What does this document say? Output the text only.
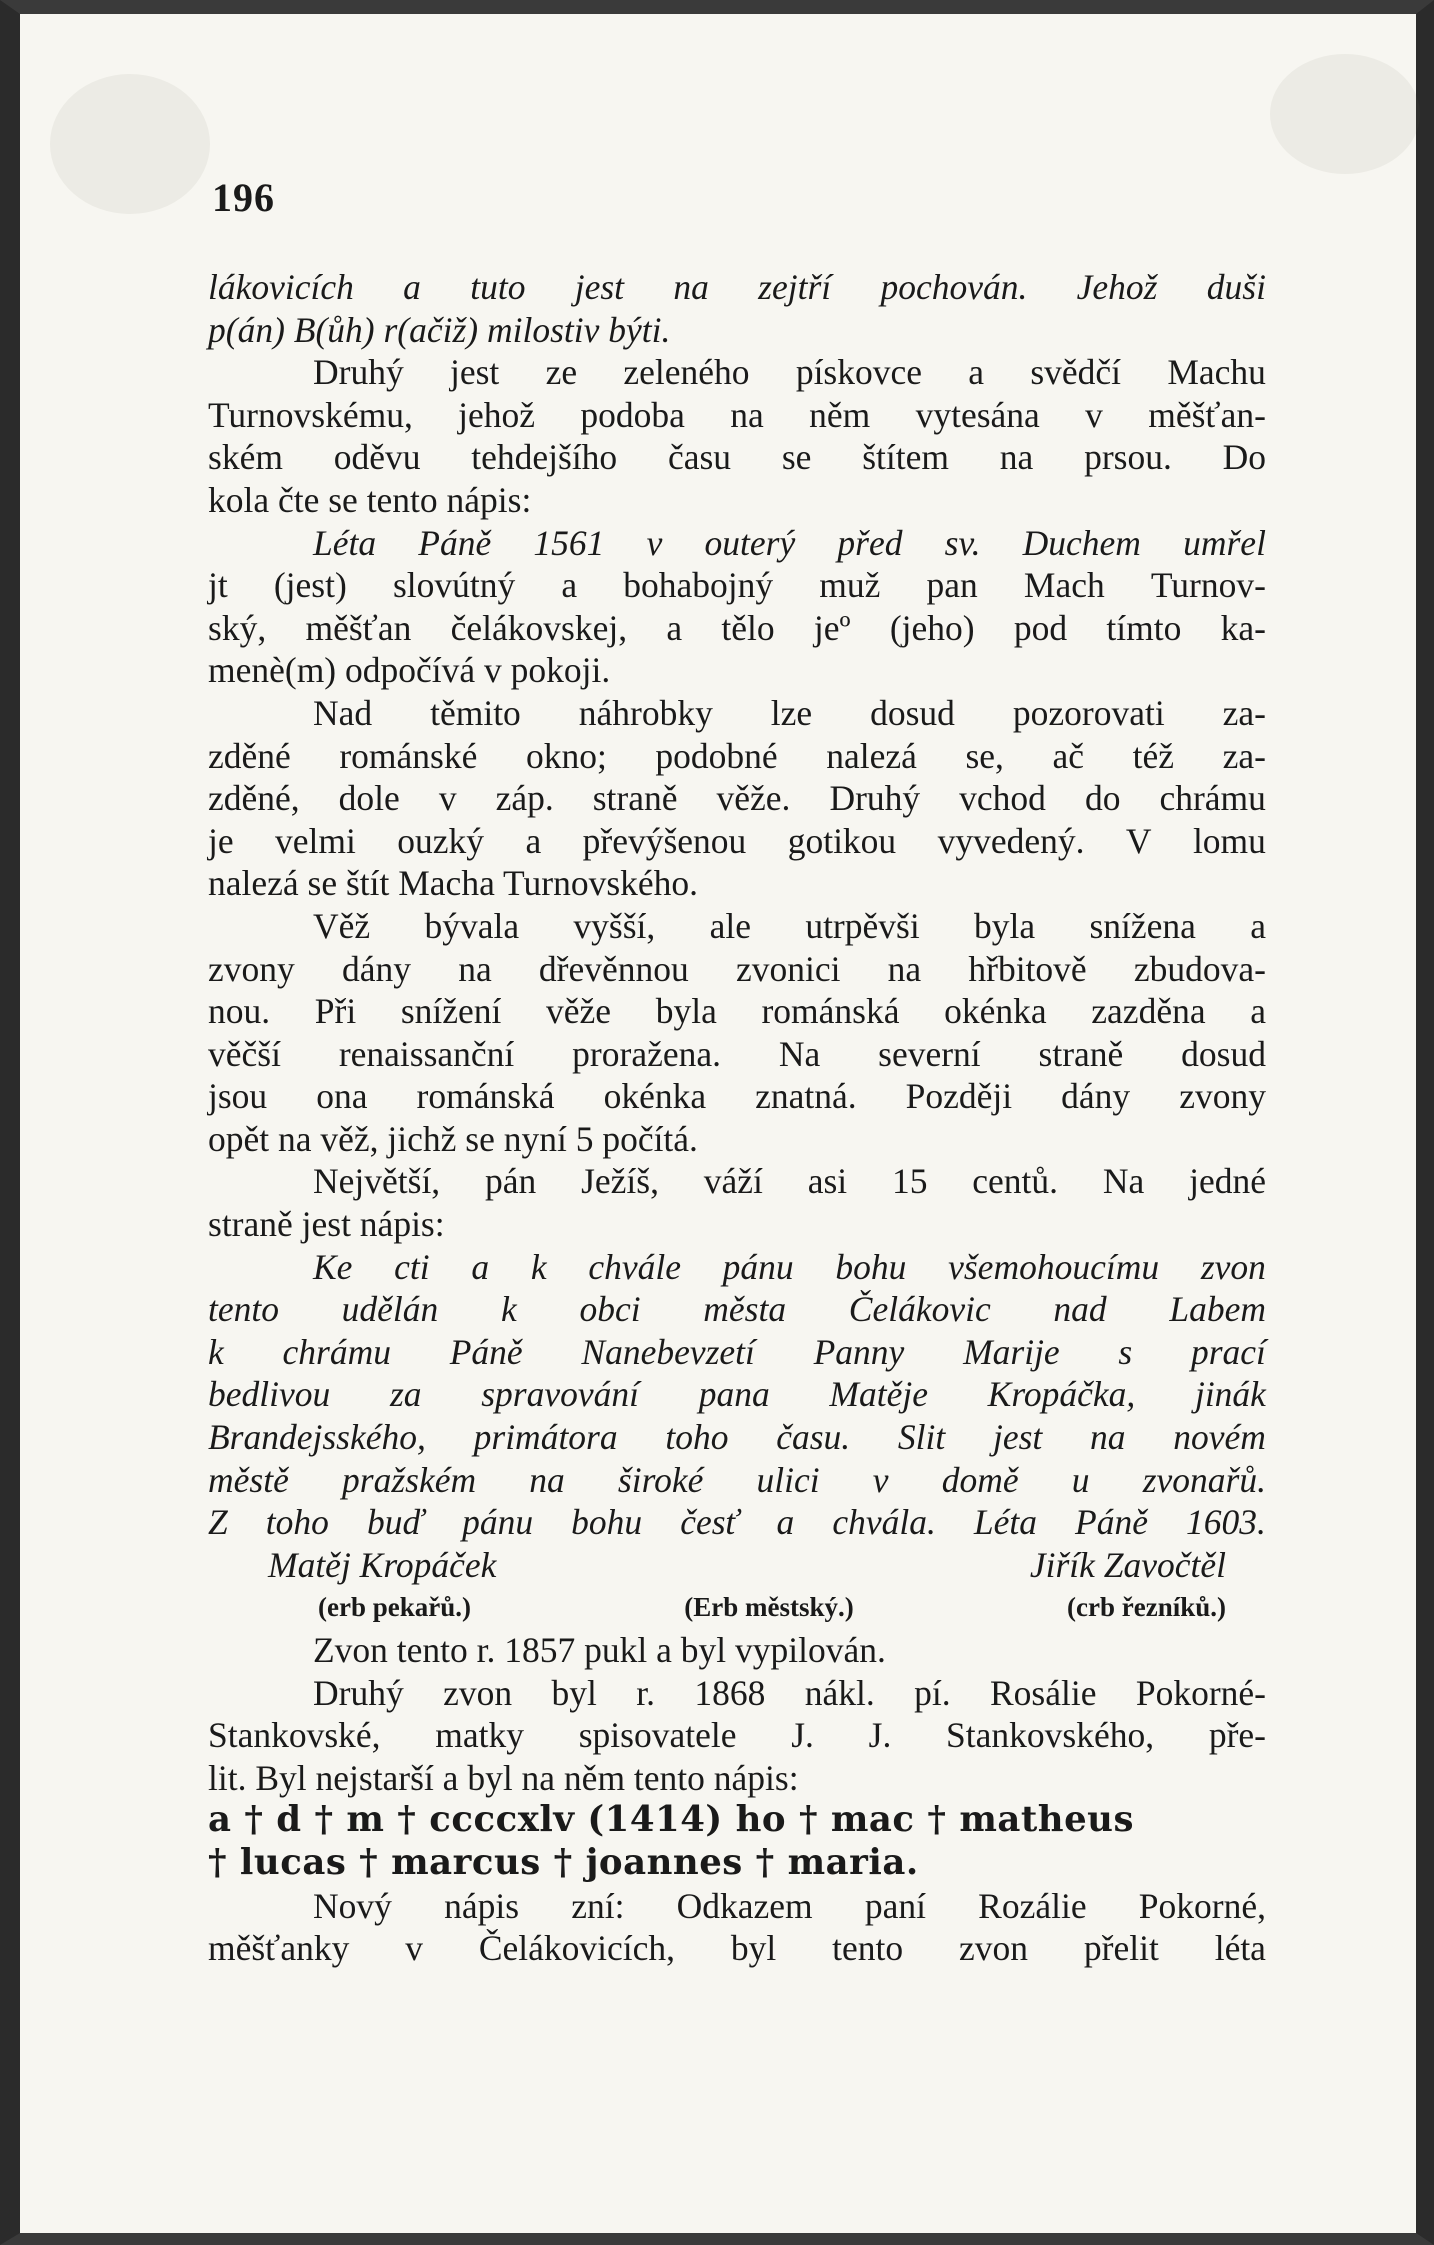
196
lákovicích a tuto jest na zejtří pochován. Jehož duši
p(án) B(ůh) r(ačiž) milostiv býti.
Druhý jest ze zeleného pískovce a svědčí Machu
Turnovskému, jehož podoba na něm vytesána v měšťan-
ském oděvu tehdejšího času se štítem na prsou. Do
kola čte se tento nápis:
Léta Páně 1561 v outerý před sv. Duchem umřel
jt (jest) slovútný a bohabojný muž pan Mach Turnov-
ský, měšťan čelákovskej, a tělo jeº (jeho) pod tímto ka-
menè(m) odpočívá v pokoji.
Nad těmito náhrobky lze dosud pozorovati za-
zděné románské okno; podobné nalezá se, ač též za-
zděné, dole v záp. straně věže. Druhý vchod do chrámu
je velmi ouzký a převýšenou gotikou vyvedený. V lomu
nalezá se štít Macha Turnovského.
Věž bývala vyšší, ale utrpěvši byla snížena a
zvony dány na dřevěnnou zvonici na hřbitově zbudova-
nou. Při snížení věže byla románská okénka zazděna a
věčší renaissanční proražena. Na severní straně dosud
jsou ona románská okénka znatná. Později dány zvony
opět na věž, jichž se nyní 5 počítá.
Největší, pán Ježíš, váží asi 15 centů. Na jedné
straně jest nápis:
Ke cti a k chvále pánu bohu všemohoucímu zvon
tento udělán k obci města Čelákovic nad Labem
k chrámu Páně Nanebevzetí Panny Marije s prací
bedlivou za spravování pana Matěje Kropáčka, jinák
Brandejsského, primátora toho času. Slit jest na novém
městě pražském na široké ulici v domě u zvonařů.
Z toho buď pánu bohu česť a chvála. Léta Páně 1603.
Matěj Kropáček	Jiřík Zavočtěl
(erb pekařů.)	(Erb městský.)	(crb řezníků.)
Zvon tento r. 1857 pukl a byl vypilován.
Druhý zvon byl r. 1868 nákl. pí. Rosálie Pokorné-
Stankovské, matky spisovatele J. J. Stankovského, pře-
lit. Byl nejstarší a byl na něm tento nápis:
a † d † m † ccccxlv (1414) ho † mac † matheus
† lucas † marcus † joannes † maria.
Nový nápis zní: Odkazem paní Rozálie Pokorné,
měšťanky v Čelákovicích, byl tento zvon přelit léta
